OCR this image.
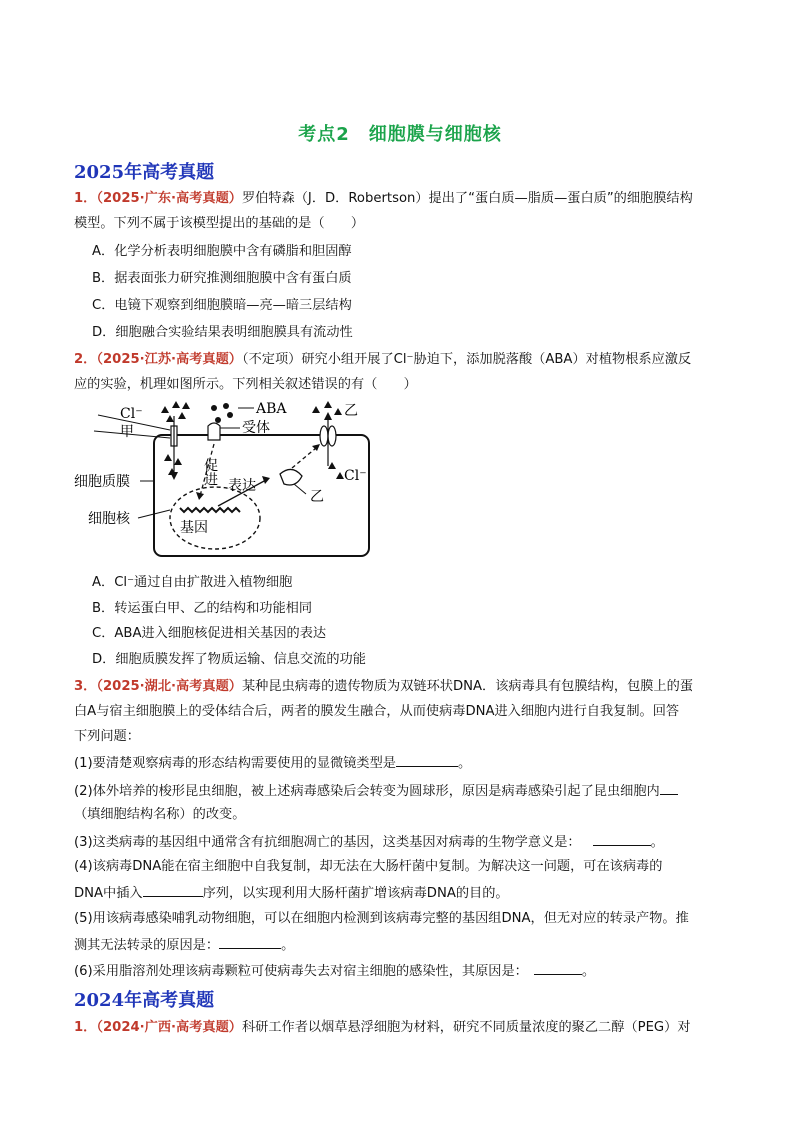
考点2　细胞膜与细胞核
2025年高考真题
1．（2025·广东·高考真题）罗伯特森（J．D．Robertson）提出了“蛋白质—脂质—蛋白质”的细胞膜结构
模型。下列不属于该模型提出的基础的是（　　）
A．化学分析表明细胞膜中含有磷脂和胆固醇
B．据表面张力研究推测细胞膜中含有蛋白质
C．电镜下观察到细胞膜暗—亮—暗三层结构
D．细胞融合实验结果表明细胞膜具有流动性
2．（2025·江苏·高考真题）（不定项）研究小组开展了Cl⁻胁迫下，添加脱落酸（ABA）对植物根系应激反
应的实验，机理如图所示。下列相关叙述错误的有（　　）
Cl⁻
甲
ABA
受体
乙
Cl⁻
乙
细胞质膜
细胞核
促进 表达
基因
A．Cl⁻通过自由扩散进入植物细胞
B．转运蛋白甲、乙的结构和功能相同
C．ABA进入细胞核促进相关基因的表达
D．细胞质膜发挥了物质运输、信息交流的功能
3．（2025·湖北·高考真题）某种昆虫病毒的遗传物质为双链环状DNA．该病毒具有包膜结构，包膜上的蛋
白A与宿主细胞膜上的受体结合后，两者的膜发生融合，从而使病毒DNA进入细胞内进行自我复制。回答
下列问题：
(1)要清楚观察病毒的形态结构需要使用的显微镜类型是	。
(2)体外培养的梭形昆虫细胞，被上述病毒感染后会转变为圆球形，原因是病毒感染引起了昆虫细胞内
（填细胞结构名称）的改变。
(3)这类病毒的基因组中通常含有抗细胞凋亡的基因，这类基因对病毒的生物学意义是：	。
(4)该病毒DNA能在宿主细胞中自我复制，却无法在大肠杆菌中复制。为解决这一问题，可在该病毒的
DNA中插入	序列，以实现利用大肠杆菌扩增该病毒DNA的目的。
(5)用该病毒感染哺乳动物细胞，可以在细胞内检测到该病毒完整的基因组DNA，但无对应的转录产物。推
测其无法转录的原因是：	。
(6)采用脂溶剂处理该病毒颗粒可使病毒失去对宿主细胞的感染性，其原因是：	。
2024年高考真题
1．（2024·广西·高考真题）科研工作者以烟草悬浮细胞为材料，研究不同质量浓度的聚乙二醇（PEG）对
